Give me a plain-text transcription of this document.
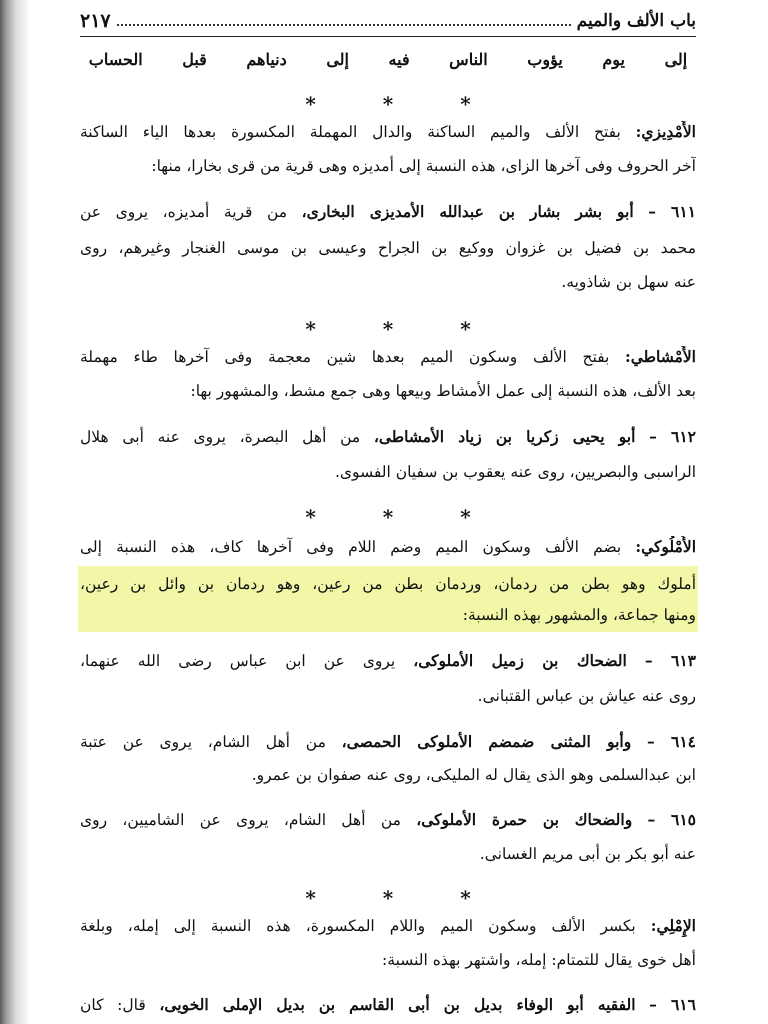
باب الألف والميم
٢١٧
إلى يوم يؤوب الناس فيه إلى دنياهم قبل الحساب
* * *
الأَمْدِيزي: بفتح الألف والميم الساكنة والدال المهملة المكسورة بعدها الياء الساكنة
آخر الحروف وفى آخرها الزاى، هذه النسبة إلى أمديزه وهى قرية من قرى بخارا، منها:
٦١١ – أبو بشر بشار بن عبدالله الأمديزى البخارى، من قرية أمديزه، يروى عن
محمد بن فضيل بن غزوان ووكيع بن الجراح وعيسى بن موسى الغنجار وغيرهم، روى
عنه سهل بن شاذويه.
* * *
الأَمْشاطي: بفتح الألف وسكون الميم بعدها شين معجمة وفى آخرها طاء مهملة
بعد الألف، هذه النسبة إلى عمل الأمشاط وبيعها وهى جمع مشط، والمشهور بها:
٦١٢ – أبو يحيى زكريا بن زياد الأمشاطى، من أهل البصرة، يروى عنه أبى هلال
الراسبى والبصريين، روى عنه يعقوب بن سفيان الفسوى.
* * *
الأُمْلُوكي: بضم الألف وسكون الميم وضم اللام وفى آخرها كاف، هذه النسبة إلى
أملوك وهو بطن من ردمان، وردمان بطن من رعين، وهو ردمان بن وائل بن رعين،
ومنها جماعة، والمشهور بهذه النسبة:
٦١٣ – الضحاك بن زميل الأملوكى، يروى عن ابن عباس رضى الله عنهما،
روى عنه عياش بن عباس القتبانى.
٦١٤ – وأبو المثنى ضمضم الأملوكى الحمصى، من أهل الشام، يروى عن عتبة
ابن عبدالسلمى وهو الذى يقال له المليكى، روى عنه صفوان بن عمرو.
٦١٥ – والضحاك بن حمرة الأملوكى، من أهل الشام، يروى عن الشاميين، روى
عنه أبو بكر بن أبى مريم الغسانى.
* * *
الإِمْلِي: بكسر الألف وسكون الميم واللام المكسورة، هذه النسبة إلى إمله، وبلغة
أهل خوى يقال للتمتام: إمله، واشتهر بهذه النسبة:
٦١٦ – الفقيه أبو الوفاء بديل بن أبى القاسم بن بديل الإملى الخويى، قال: كان
